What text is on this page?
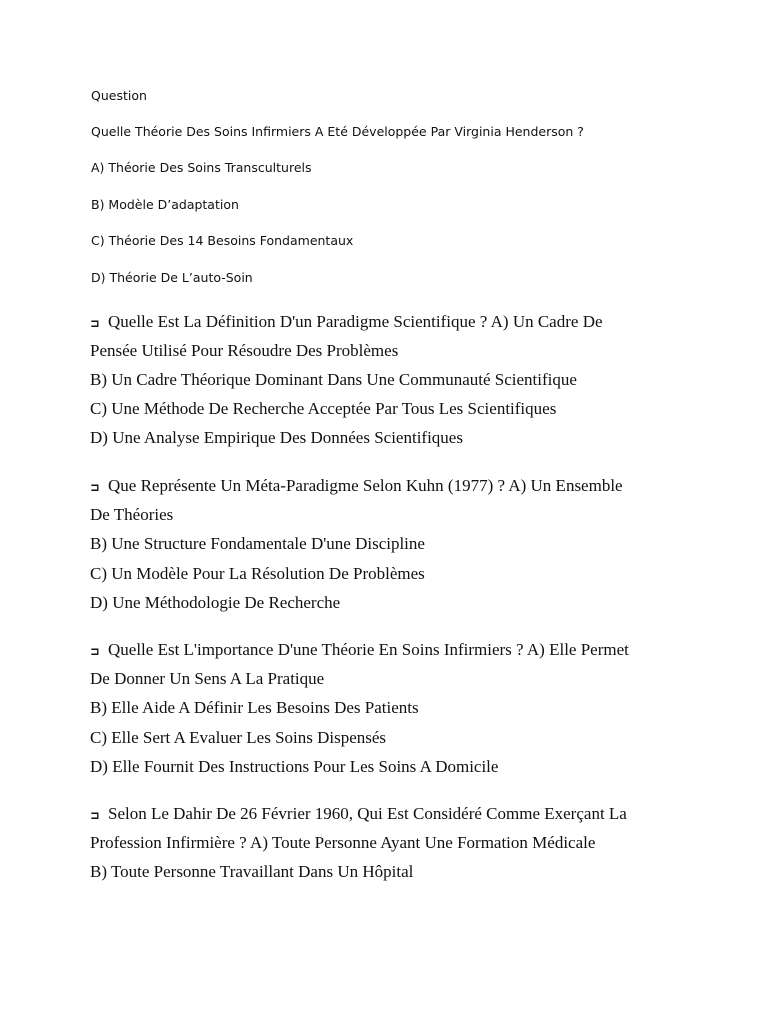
Question
Quelle Théorie Des Soins Infirmiers A Eté Développée Par Virginia Henderson ?
A) Théorie Des Soins Transculturels
B) Modèle D’adaptation
C) Théorie Des 14 Besoins Fondamentaux
D) Théorie De L’auto-Soin
ߏ Quelle Est La Définition D'un Paradigme Scientifique ? A) Un Cadre De
Pensée Utilisé Pour Résoudre Des Problèmes
B) Un Cadre Théorique Dominant Dans Une Communauté Scientifique
C) Une Méthode De Recherche Acceptée Par Tous Les Scientifiques
D) Une Analyse Empirique Des Données Scientifiques
ߏ Que Représente Un Méta-Paradigme Selon Kuhn (1977) ? A) Un Ensemble
De Théories
B) Une Structure Fondamentale D'une Discipline
C) Un Modèle Pour La Résolution De Problèmes
D) Une Méthodologie De Recherche
ߏ Quelle Est L'importance D'une Théorie En Soins Infirmiers ? A) Elle Permet
De Donner Un Sens A La Pratique
B) Elle Aide A Définir Les Besoins Des Patients
C) Elle Sert A Evaluer Les Soins Dispensés
D) Elle Fournit Des Instructions Pour Les Soins A Domicile
ߏ Selon Le Dahir De 26 Février 1960, Qui Est Considéré Comme Exerçant La
Profession Infirmière ? A) Toute Personne Ayant Une Formation Médicale
B) Toute Personne Travaillant Dans Un Hôpital
